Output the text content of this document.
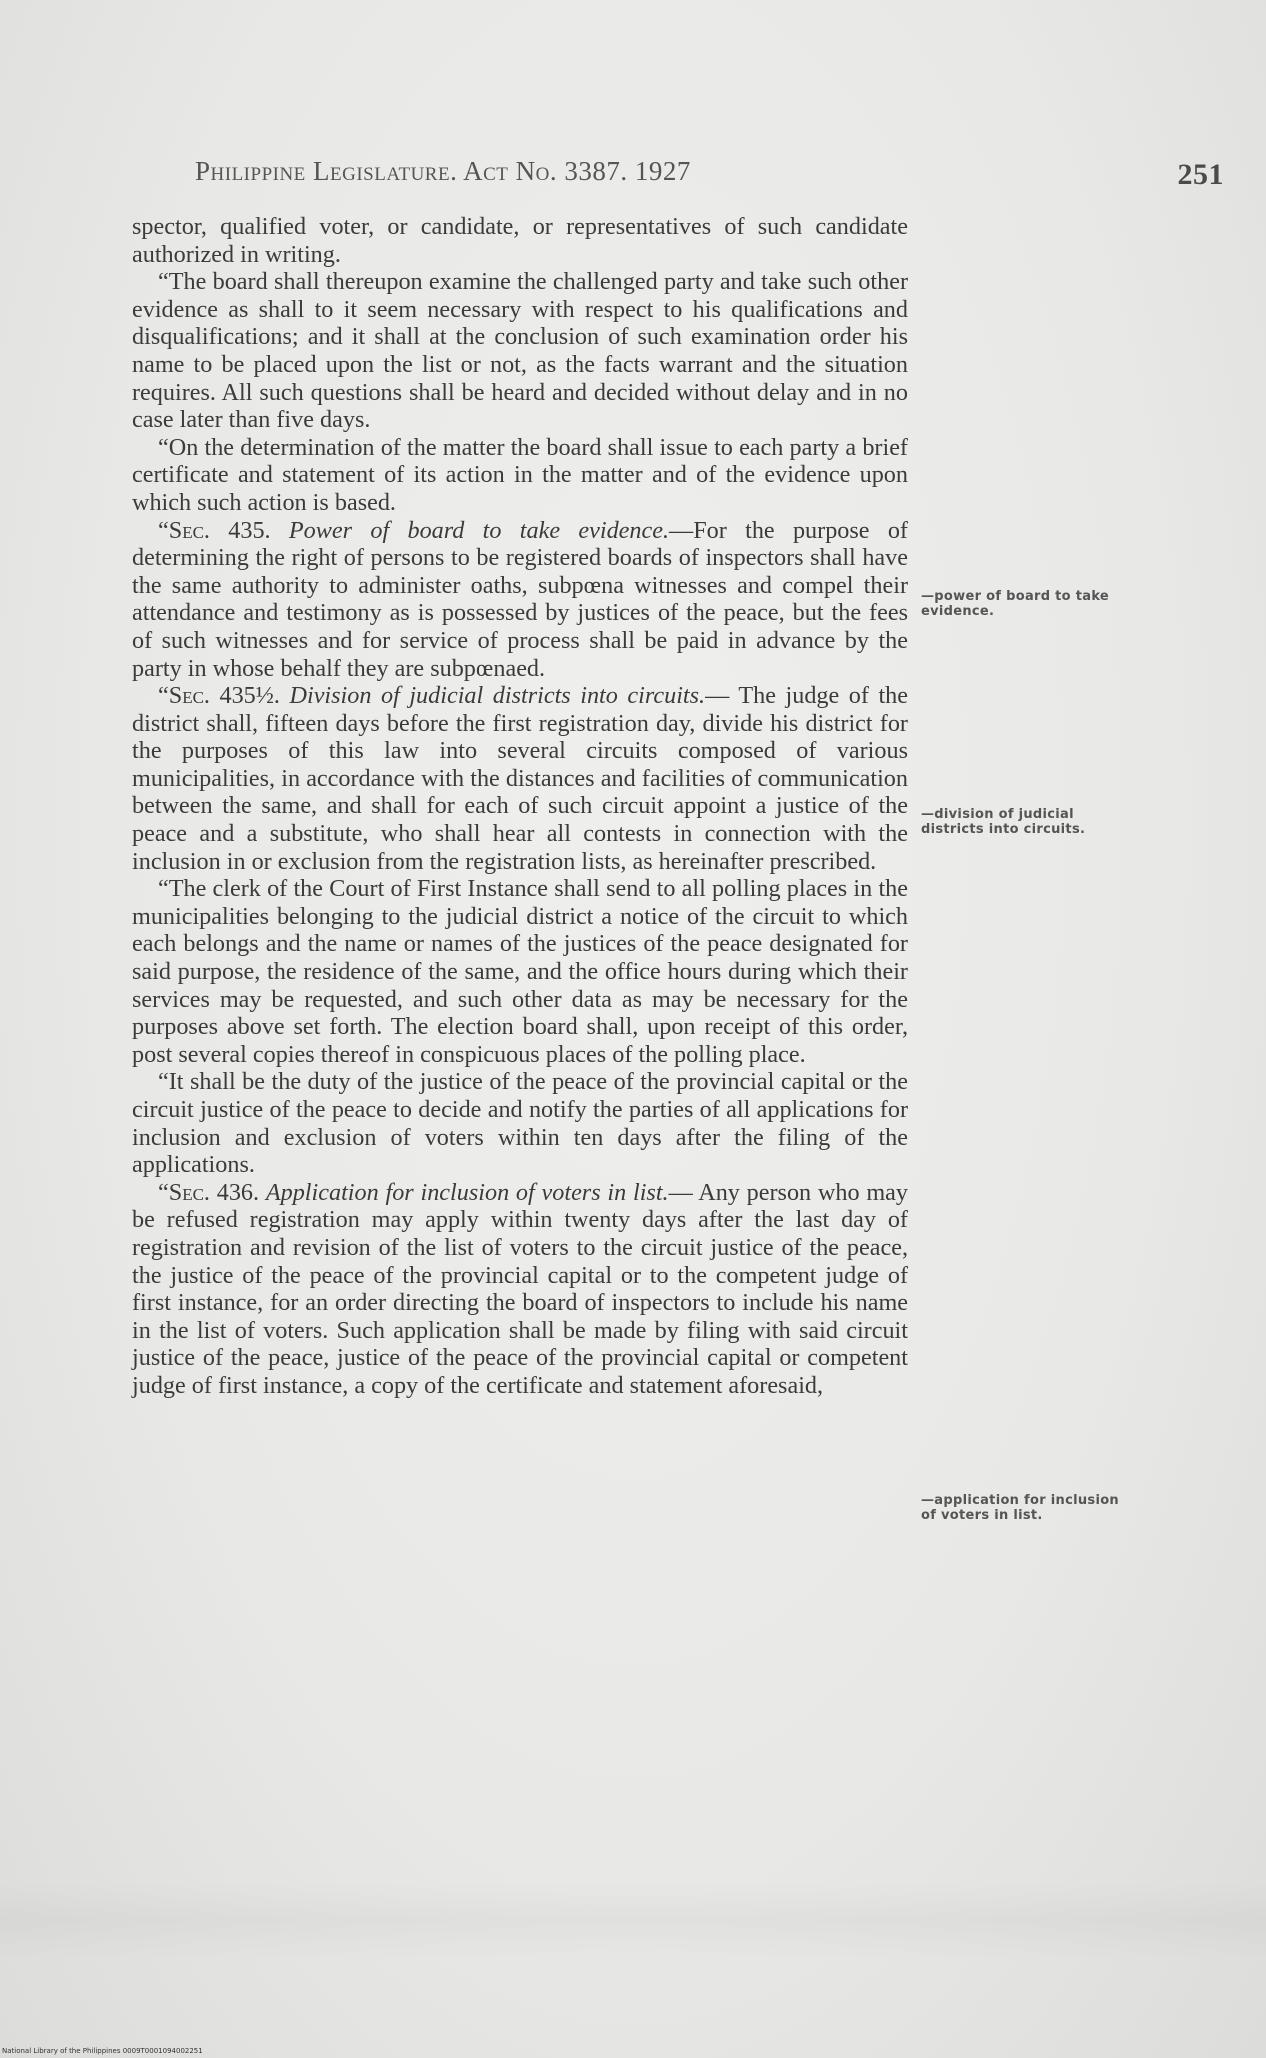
Philippine Legislature. Act No. 3387. 1927	251

spector, qualified voter, or candidate, or representatives of such candidate authorized in writing.

“The board shall thereupon examine the challenged party and take such other evidence as shall to it seem necessary with respect to his qualifications and disqualifications; and it shall at the conclusion of such examination order his name to be placed upon the list or not, as the facts warrant and the situation requires. All such questions shall be heard and decided without delay and in no case later than five days.

“On the determination of the matter the board shall issue to each party a brief certificate and statement of its action in the matter and of the evidence upon which such action is based.

“Sec. 435. Power of board to take evidence.—For the purpose of determining the right of persons to be registered boards of inspectors shall have the same authority to administer oaths, subpœna witnesses and compel their attendance and testimony as is possessed by justices of the peace, but the fees of such witnesses and for service of process shall be paid in advance by the party in whose behalf they are subpœnaed.

“Sec. 435½. Division of judicial districts into circuits.— The judge of the district shall, fifteen days before the first registration day, divide his district for the purposes of this law into several circuits composed of various municipalities, in accordance with the distances and facilities of communication between the same, and shall for each of such circuit appoint a justice of the peace and a substitute, who shall hear all contests in connection with the inclusion in or exclusion from the registration lists, as hereinafter prescribed.

“The clerk of the Court of First Instance shall send to all polling places in the municipalities belonging to the judicial district a notice of the circuit to which each belongs and the name or names of the justices of the peace designated for said purpose, the residence of the same, and the office hours during which their services may be requested, and such other data as may be necessary for the purposes above set forth. The election board shall, upon receipt of this order, post several copies thereof in conspicuous places of the polling place.

“It shall be the duty of the justice of the peace of the provincial capital or the circuit justice of the peace to decide and notify the parties of all applications for inclusion and exclusion of voters within ten days after the filing of the applications.

“Sec. 436. Application for inclusion of voters in list.— Any person who may be refused registration may apply within twenty days after the last day of registration and revision of the list of voters to the circuit justice of the peace, the justice of the peace of the provincial capital or to the competent judge of first instance, for an order directing the board of inspectors to include his name in the list of voters. Such application shall be made by filing with said circuit justice of the peace, justice of the peace of the provincial capital or competent judge of first instance, a copy of the certificate and statement aforesaid,

—power of board to take evidence.
—division of judicial districts into circuits.
—application for inclusion of voters in list.
National Library of the Philippines 0009T0001094002251
